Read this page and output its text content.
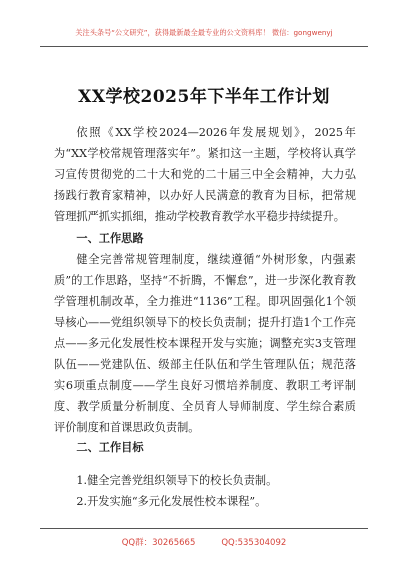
关注头条号“公文研究”，获得最新最全最专业的公文资料库！ 微信：gongwenyj
XX学校2025年下半年工作计划

依照《XX学校2024—2026年发展规划》，2025年为“XX学校常规管理落实年”。紧扣这一主题，学校将认真学习宣传贯彻党的二十大和党的二十届三中全会精神，大力弘扬践行教育家精神，以办好人民满意的教育为目标，把常规管理抓严抓实抓细，推动学校教育教学水平稳步持续提升。

一、工作思路

健全完善常规管理制度，继续遵循“外树形象，内强素质”的工作思路，坚持“不折腾，不懈怠”，进一步深化教育教学管理机制改革，全力推进“1136”工程。即巩固强化1个领导核心——党组织领导下的校长负责制；提升打造1个工作亮点——多元化发展性校本课程开发与实施；调整充实3支管理队伍——党建队伍、级部主任队伍和学生管理队伍；规范落实6项重点制度——学生良好习惯培养制度、教职工考评制度、教学质量分析制度、全员育人导师制度、学生综合素质评价制度和首课思政负责制。

二、工作目标

1.健全完善党组织领导下的校长负责制。

2.开发实施“多元化发展性校本课程”。

QQ群：30265665	QQ:535304092
